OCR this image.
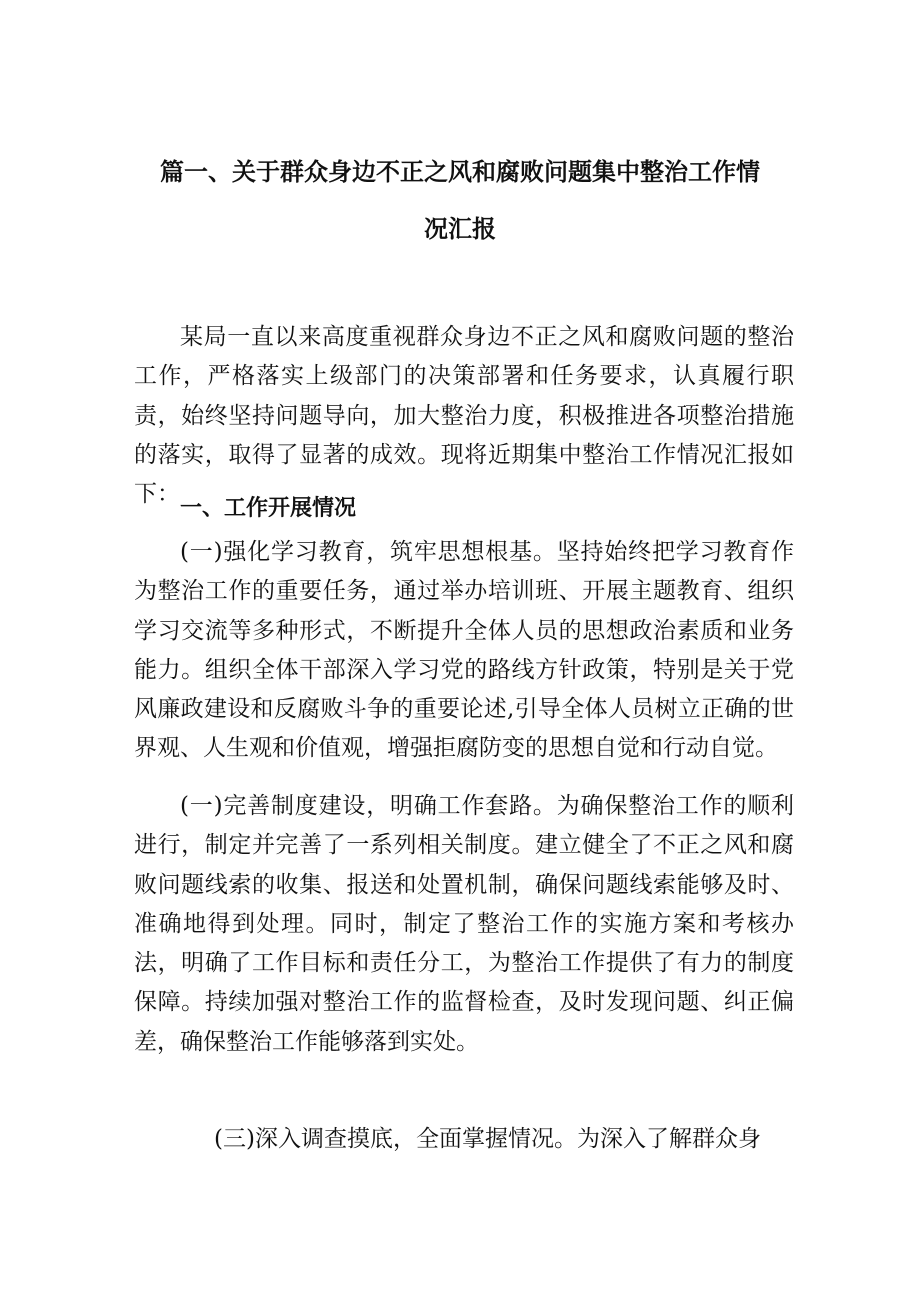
篇一、关于群众身边不正之风和腐败问题集中整治工作情
况汇报

某局一直以来高度重视群众身边不正之风和腐败问题的整治工作，严格落实上级部门的决策部署和任务要求，认真履行职责，始终坚持问题导向，加大整治力度，积极推进各项整治措施的落实，取得了显著的成效。现将近期集中整治工作情况汇报如下：

一、工作开展情况

(一)强化学习教育，筑牢思想根基。坚持始终把学习教育作为整治工作的重要任务，通过举办培训班、开展主题教育、组织学习交流等多种形式，不断提升全体人员的思想政治素质和业务能力。组织全体干部深入学习党的路线方针政策，特别是关于党风廉政建设和反腐败斗争的重要论述,引导全体人员树立正确的世界观、人生观和价值观，增强拒腐防变的思想自觉和行动自觉。

(一)完善制度建设，明确工作套路。为确保整治工作的顺利进行，制定并完善了一系列相关制度。建立健全了不正之风和腐败问题线索的收集、报送和处置机制，确保问题线索能够及时、准确地得到处理。同时，制定了整治工作的实施方案和考核办法，明确了工作目标和责任分工，为整治工作提供了有力的制度保障。持续加强对整治工作的监督检查，及时发现问题、纠正偏差，确保整治工作能够落到实处。

(三)深入调查摸底，全面掌握情况。为深入了解群众身
